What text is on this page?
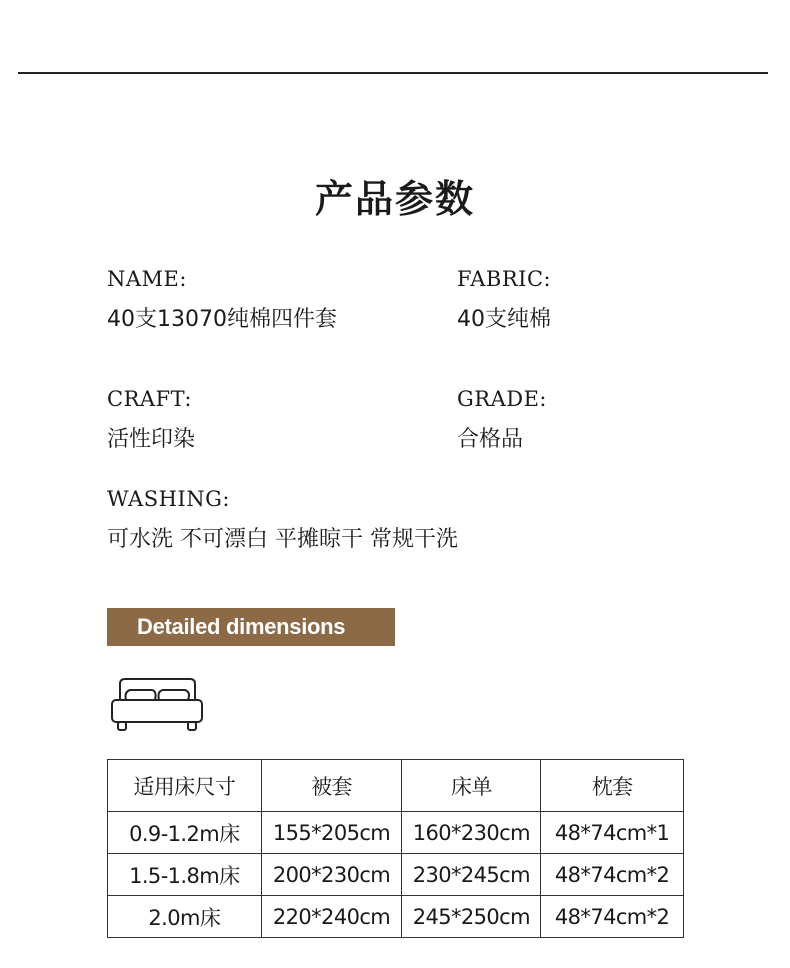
产品参数
NAME:
40支13070纯棉四件套
FABRIC:
40支纯棉
CRAFT:
活性印染
GRADE:
合格品
WASHING:
可水洗 不可漂白 平摊晾干 常规干洗
Detailed dimensions
适用床尺寸	被套	床单	枕套
0.9-1.2m床	155*205cm	160*230cm	48*74cm*1
1.5-1.8m床	200*230cm	230*245cm	48*74cm*2
2.0m床	220*240cm	245*250cm	48*74cm*2
